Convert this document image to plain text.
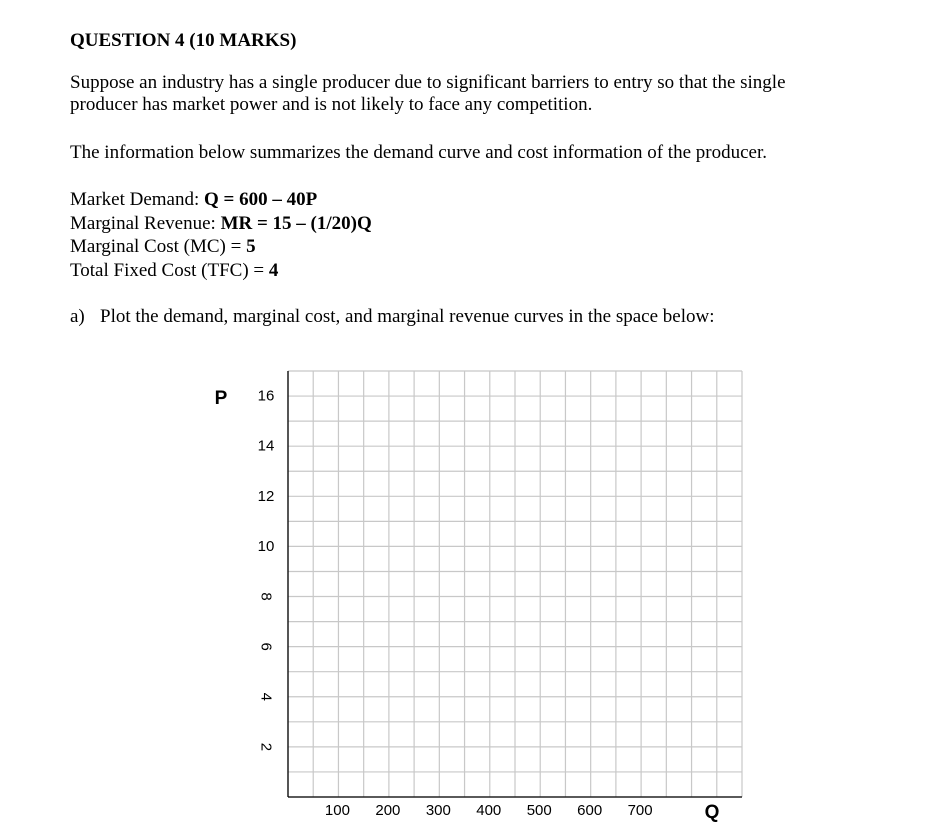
QUESTION 4 (10 MARKS)
Suppose an industry has a single producer due to significant barriers to entry so that the single
producer has market power and is not likely to face any competition.
The information below summarizes the demand curve and cost information of the producer.
Market Demand: Q = 600 – 40P
Marginal Revenue: MR = 15 – (1/20)Q
Marginal Cost (MC) = 5
Total Fixed Cost (TFC) = 4
a) Plot the demand, marginal cost, and marginal revenue curves in the space below:
16
14
12
10
8
6
4
2
100 200 300 400 500 600 700
P
Q
